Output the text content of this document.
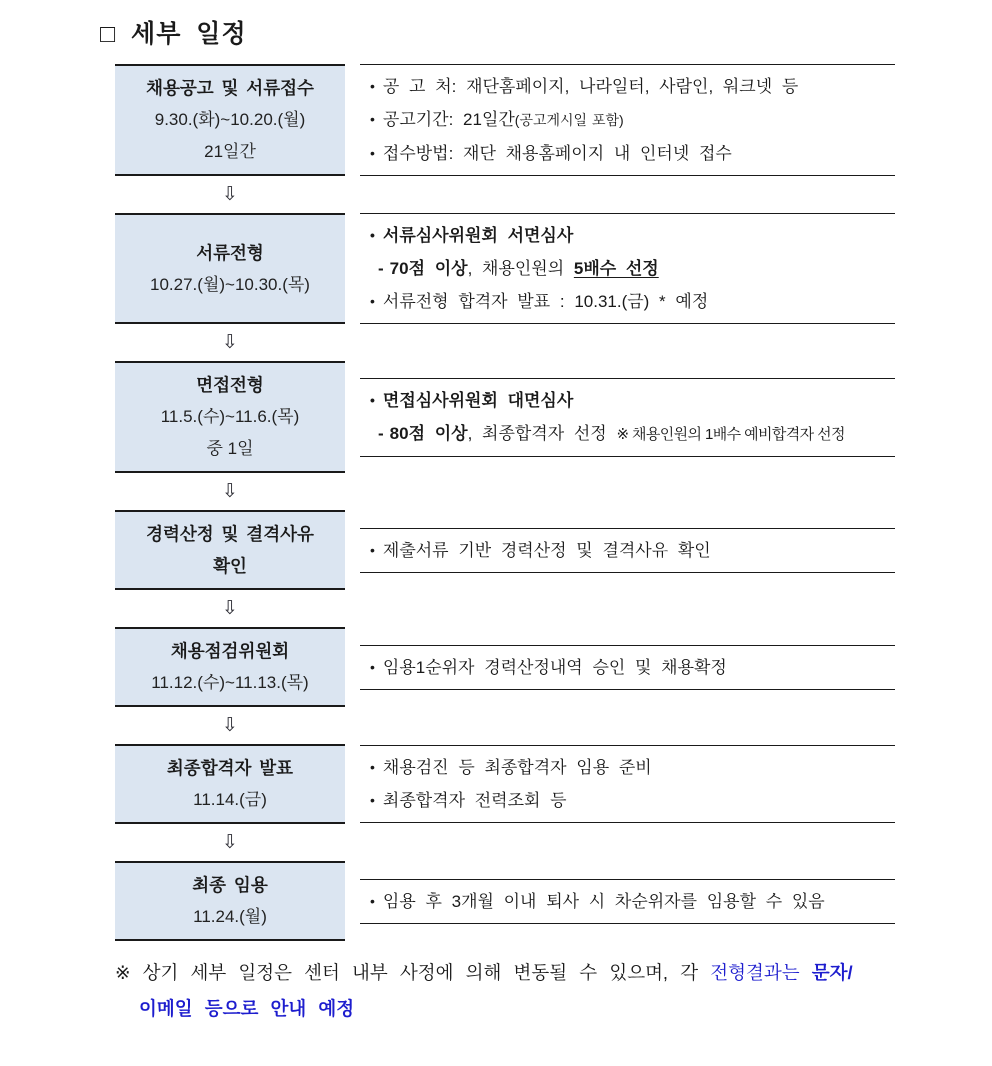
□ 세부 일정
채용공고 및 서류접수
9.30.(화)~10.20.(월)
21일간
• 공 고 처: 재단홈페이지, 나라일터, 사람인, 워크넷 등
• 공고기간: 21일간(공고게시일 포함)
• 접수방법: 재단 채용홈페이지 내 인터넷 접수
⇩
서류전형
10.27.(월)~10.30.(목)
• 서류심사위원회 서면심사
- 70점 이상, 채용인원의 5배수 선정
• 서류전형 합격자 발표 : 10.31.(금) * 예정
⇩
면접전형
11.5.(수)~11.6.(목)
중 1일
• 면접심사위원회 대면심사
- 80점 이상, 최종합격자 선정 ※ 채용인원의 1배수 예비합격자 선정
⇩
경력산정 및 결격사유
확인
• 제출서류 기반 경력산정 및 결격사유 확인
⇩
채용점검위원회
11.12.(수)~11.13.(목)
• 임용1순위자 경력산정내역 승인 및 채용확정
⇩
최종합격자 발표
11.14.(금)
• 채용검진 등 최종합격자 임용 준비
• 최종합격자 전력조회 등
⇩
최종 임용
11.24.(월)
• 임용 후 3개월 이내 퇴사 시 차순위자를 임용할 수 있음
※ 상기 세부 일정은 센터 내부 사정에 의해 변동될 수 있으며, 각 전형결과는 문자/
이메일 등으로 안내 예정
